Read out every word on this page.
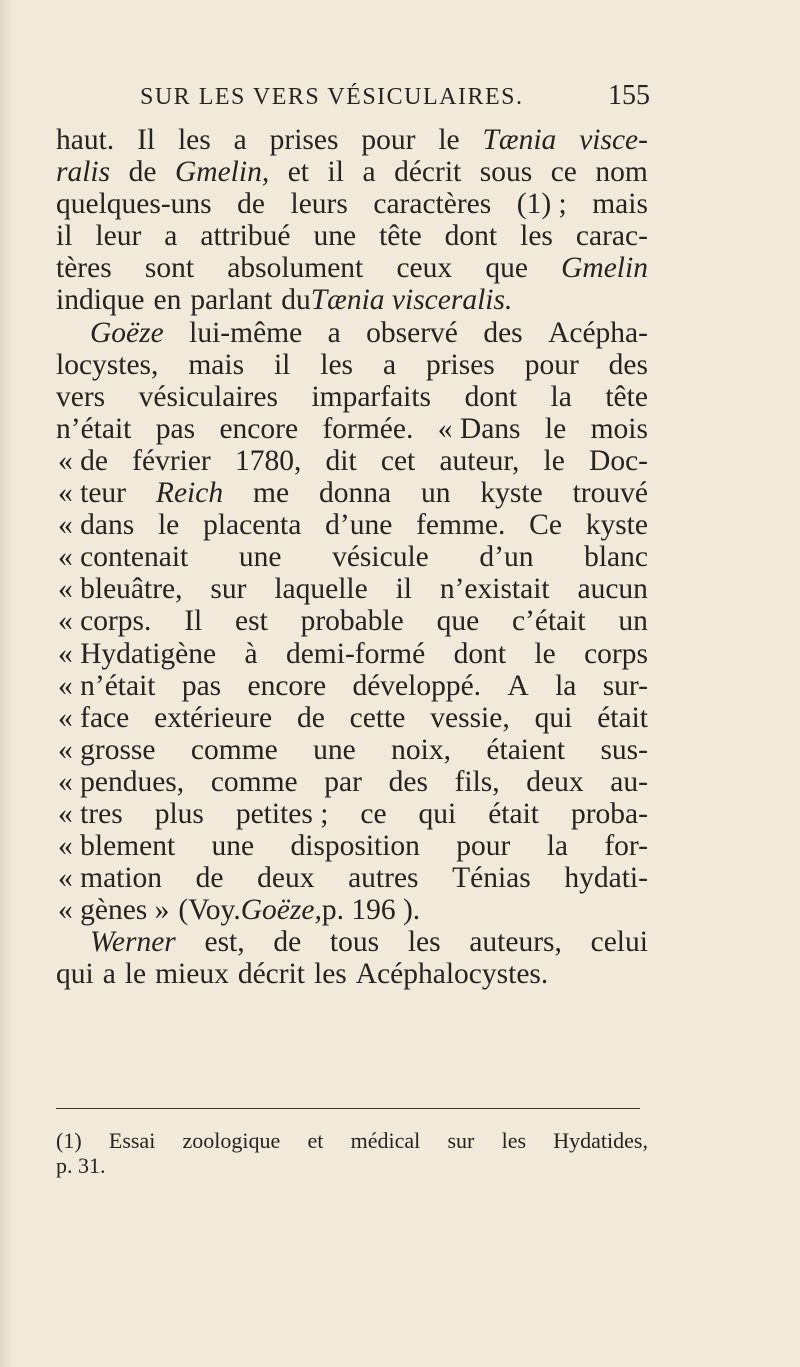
SUR LES VERS VÉSICULAIRES.	155
haut. Il les a prises pour le Tænia visce-
ralis de Gmelin, et il a décrit sous ce nom
quelques-uns de leurs caractères (1) ; mais
il leur a attribué une tête dont les carac-
tères sont absolument ceux que Gmelin
indique en parlant du Tænia visceralis.
Goëze lui-même a observé des Acépha-
locystes, mais il les a prises pour des
vers vésiculaires imparfaits dont la tête
n’était pas encore formée. « Dans le mois
« de février 1780, dit cet auteur, le Doc-
« teur Reich me donna un kyste trouvé
« dans le placenta d’une femme. Ce kyste
« contenait une vésicule d’un blanc
« bleuâtre, sur laquelle il n’existait aucun
« corps. Il est probable que c’était un
« Hydatigène à demi-formé dont le corps
« n’était pas encore développé. A la sur-
« face extérieure de cette vessie, qui était
« grosse comme une noix, étaient sus-
« pendues, comme par des fils, deux au-
« tres plus petites ; ce qui était proba-
« blement une disposition pour la for-
« mation de deux autres Ténias hydati-
« gènes » (Voy. Goëze, p. 196 ).
Werner est, de tous les auteurs, celui
qui a le mieux décrit les Acéphalocystes.
(1) Essai zoologique et médical sur les Hydatides,
p. 31.
